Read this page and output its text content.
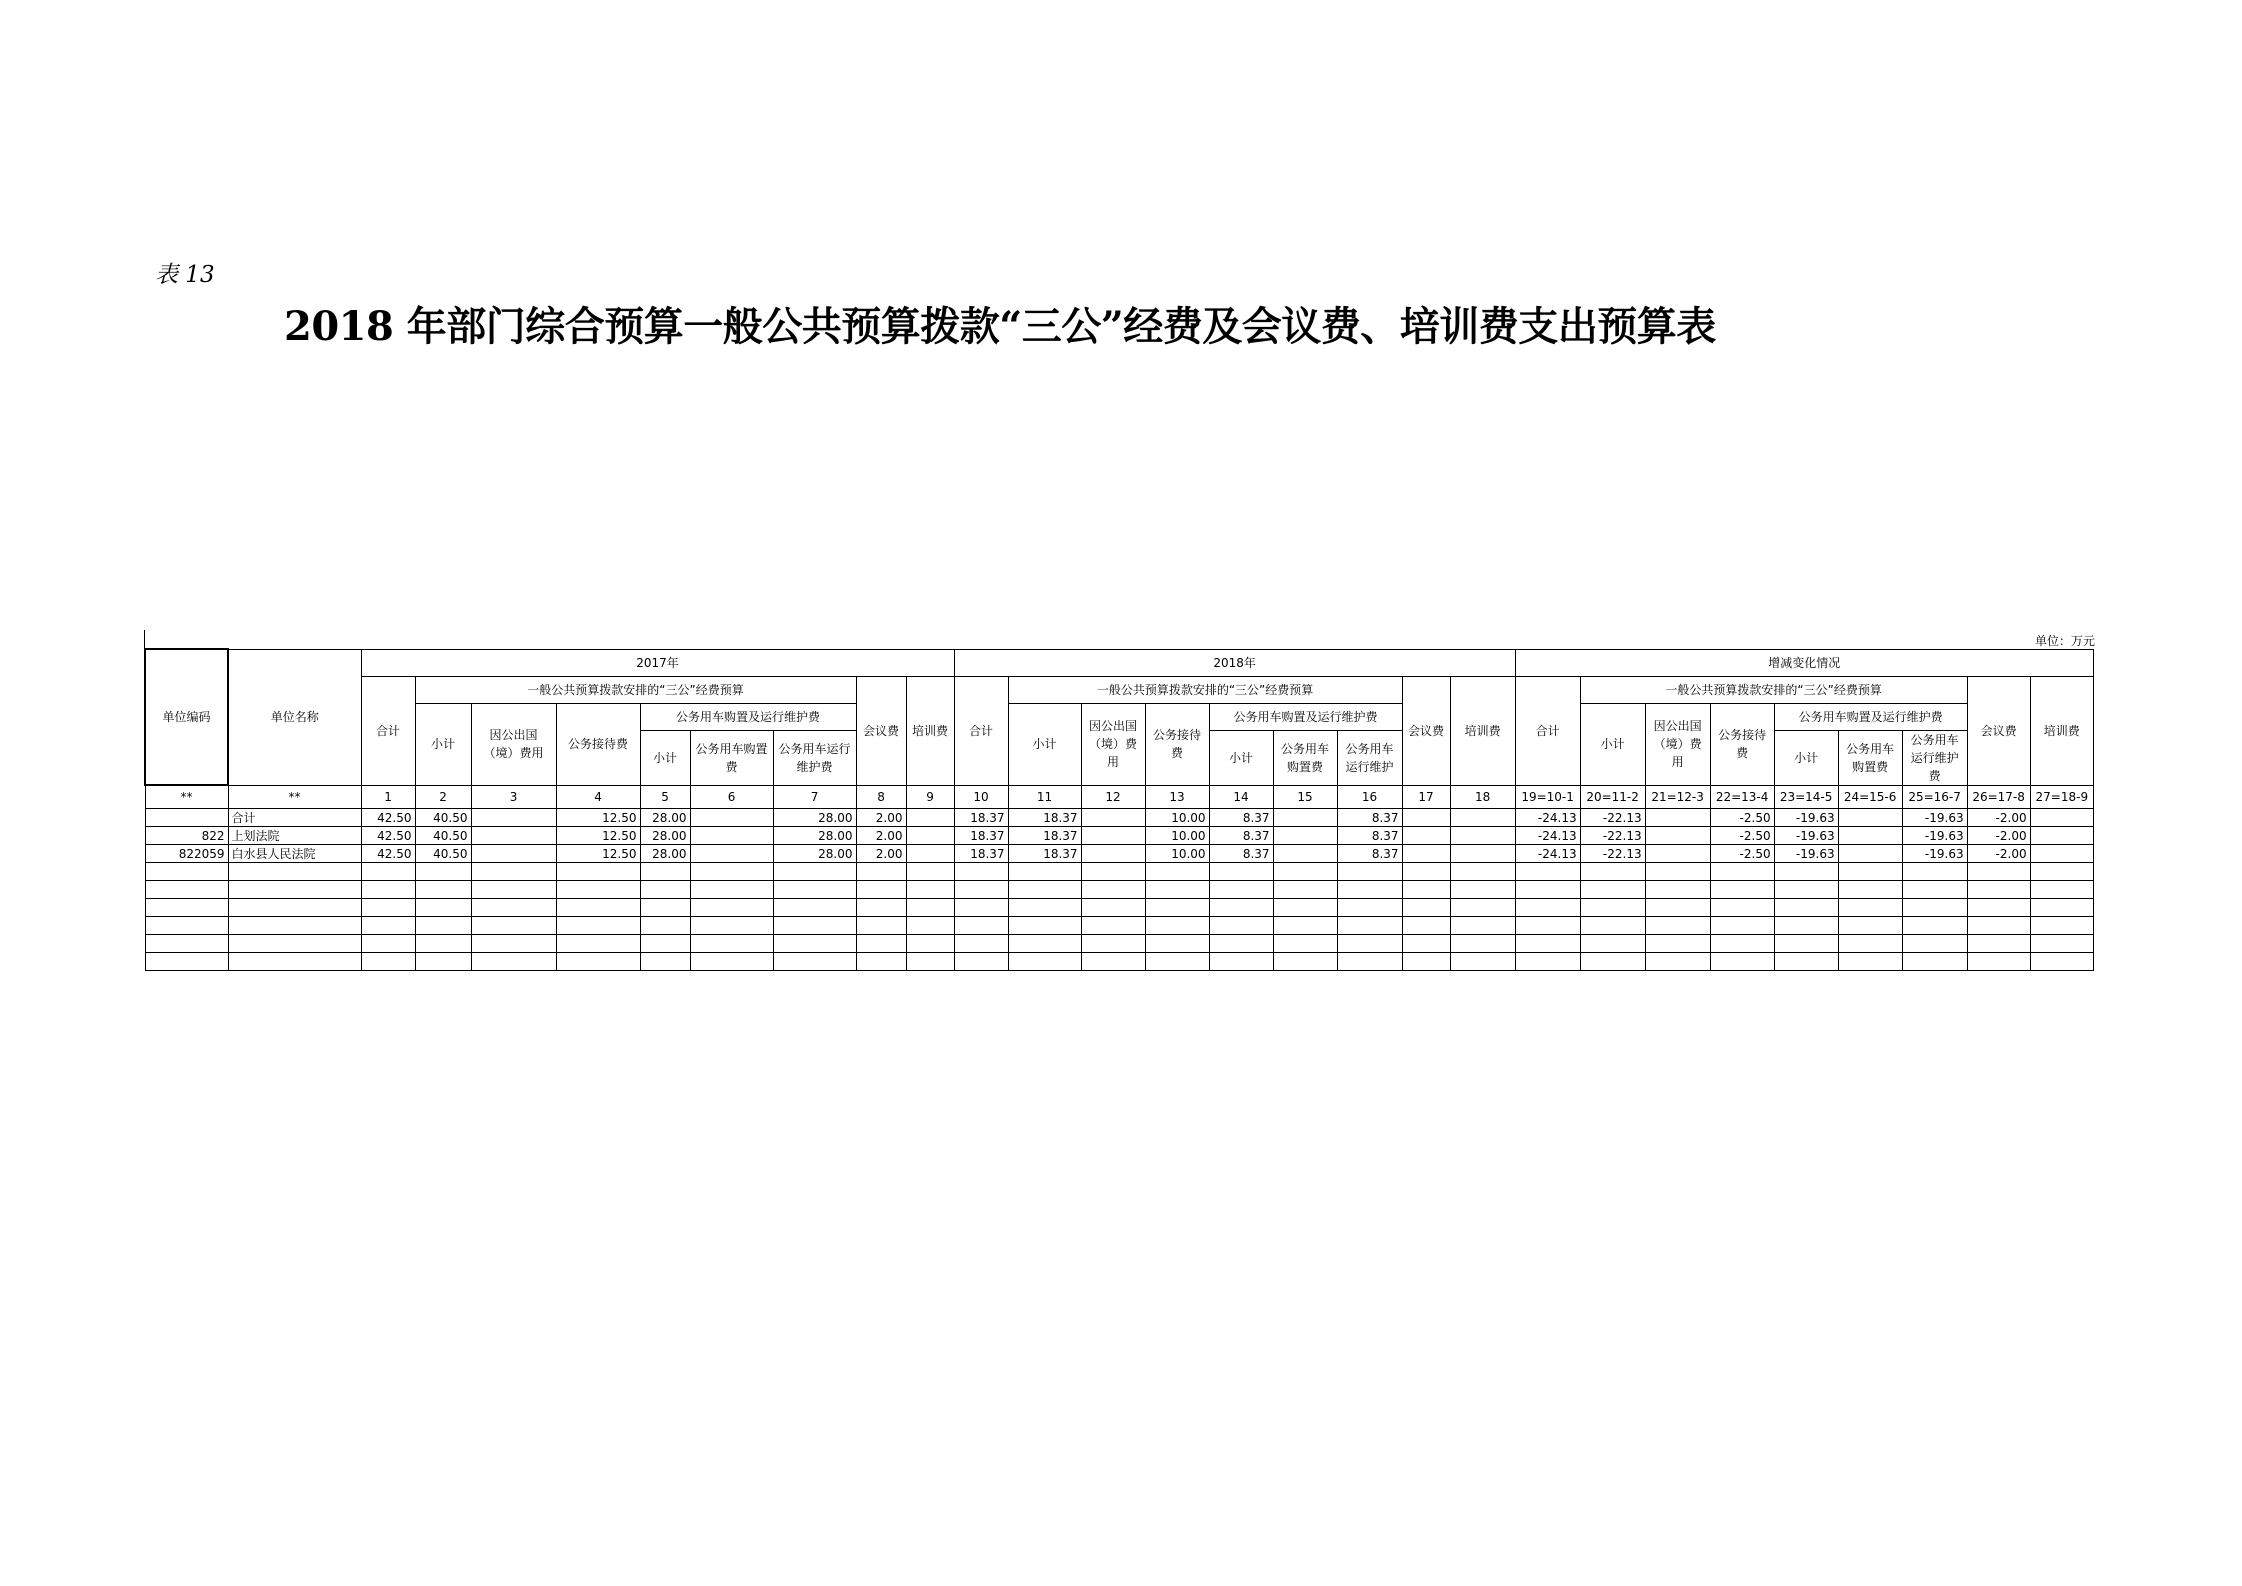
表 13
2018 年部门综合预算一般公共预算拨款“三公”经费及会议费、培训费支出预算表
单位：万元
单位编码	单位名称	2017年									2018年									增减变化情况								
		合计	一般公共预算拨款安排的“三公”经费预算						会议费	培训费	合计	一般公共预算拨款安排的“三公”经费预算						会议费	培训费	合计	一般公共预算拨款安排的“三公”经费预算						会议费	培训费
			小计	因公出国（境）费用	公务接待费	公务用车购置及运行维护费						小计	因公出国（境）费用	公务接待费	公务用车购置及运行维护费						小计	因公出国（境）费用	公务接待费	公务用车购置及运行维护费				
						小计	公务用车购置费	公务用车运行维护费							小计	公务用车购置费	公务用车运行维护							小计	公务用车购置费	公务用车运行维护费		
**	**	1	2	3	4	5	6	7	8	9	10	11	12	13	14	15	16	17	18	19=10-1	20=11-2	21=12-3	22=13-4	23=14-5	24=15-6	25=16-7	26=17-8	27=18-9
	合计	42.50	40.50		12.50	28.00		28.00	2.00		18.37	18.37		10.00	8.37		8.37			-24.13	-22.13		-2.50	-19.63		-19.63	-2.00	
822	上划法院	42.50	40.50		12.50	28.00		28.00	2.00		18.37	18.37		10.00	8.37		8.37			-24.13	-22.13		-2.50	-19.63		-19.63	-2.00	
822059	白水县人民法院	42.50	40.50		12.50	28.00		28.00	2.00		18.37	18.37		10.00	8.37		8.37			-24.13	-22.13		-2.50	-19.63		-19.63	-2.00	
